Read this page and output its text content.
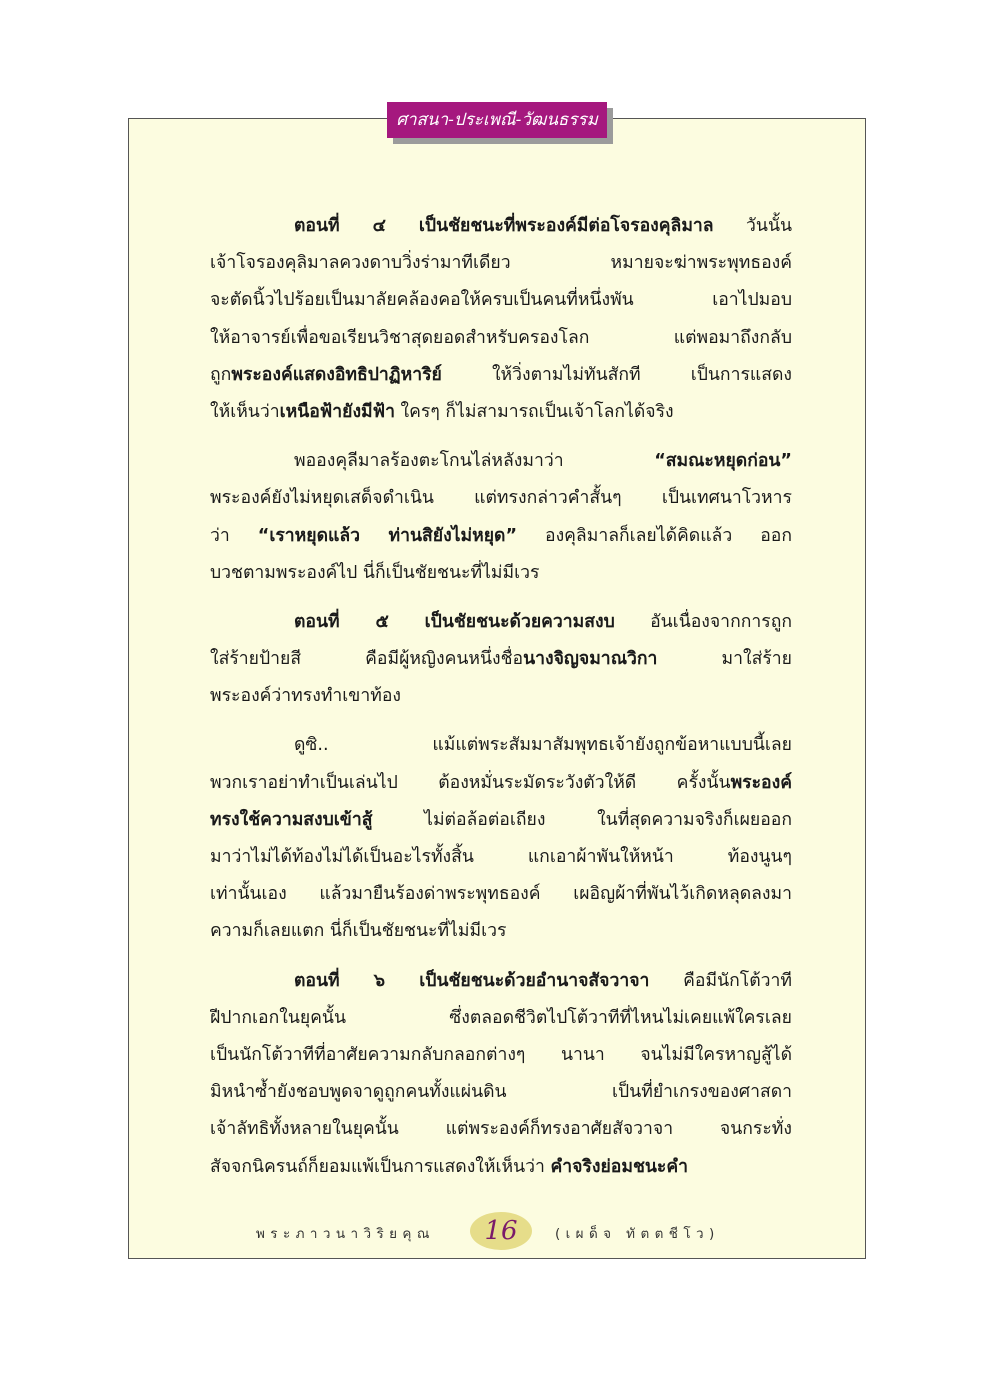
ศาสนา-ประเพณี-วัฒนธรรม
ตอนที่ ๔ เป็นชัยชนะที่พระองค์มีต่อโจรองคุลิมาล วันนั้น
เจ้าโจรองคุลิมาลควงดาบวิ่งร่ามาทีเดียว หมายจะฆ่าพระพุทธองค์
จะตัดนิ้วไปร้อยเป็นมาลัยคล้องคอให้ครบเป็นคนที่หนึ่งพัน เอาไปมอบ
ให้อาจารย์เพื่อขอเรียนวิชาสุดยอดสำหรับครองโลก แต่พอมาถึงกลับ
ถูกพระองค์แสดงอิทธิปาฏิหาริย์ ให้วิ่งตามไม่ทันสักที เป็นการแสดง
ให้เห็นว่าเหนือฟ้ายังมีฟ้า ใครๆ ก็ไม่สามารถเป็นเจ้าโลกได้จริง
พอองคุลีมาลร้องตะโกนไล่หลังมาว่า “สมณะหยุดก่อน”
พระองค์ยังไม่หยุดเสด็จดำเนิน แต่ทรงกล่าวคำสั้นๆ เป็นเทศนาโวหาร
ว่า “เราหยุดแล้ว ท่านสิยังไม่หยุด” องคุลิมาลก็เลยได้คิดแล้ว ออก
บวชตามพระองค์ไป นี่ก็เป็นชัยชนะที่ไม่มีเวร
ตอนที่ ๕ เป็นชัยชนะด้วยความสงบ อันเนื่องจากการถูก
ใส่ร้ายป้ายสี คือมีผู้หญิงคนหนึ่งชื่อนางจิญจมาณวิกา มาใส่ร้าย
พระองค์ว่าทรงทำเขาท้อง
ดูซิ.. แม้แต่พระสัมมาสัมพุทธเจ้ายังถูกข้อหาแบบนี้เลย
พวกเราอย่าทำเป็นเล่นไป ต้องหมั่นระมัดระวังตัวให้ดี ครั้งนั้นพระองค์
ทรงใช้ความสงบเข้าสู้ ไม่ต่อล้อต่อเถียง ในที่สุดความจริงก็เผยออก
มาว่าไม่ได้ท้องไม่ได้เป็นอะไรทั้งสิ้น แกเอาผ้าพันให้หน้า ท้องนูนๆ
เท่านั้นเอง แล้วมายืนร้องด่าพระพุทธองค์ เผอิญผ้าที่พันไว้เกิดหลุดลงมา
ความก็เลยแตก นี่ก็เป็นชัยชนะที่ไม่มีเวร
ตอนที่ ๖ เป็นชัยชนะด้วยอำนาจสัจวาจา คือมีนักโต้วาที
ฝีปากเอกในยุคนั้น ซึ่งตลอดชีวิตไปโต้วาทีที่ไหนไม่เคยแพ้ใครเลย
เป็นนักโต้วาทีที่อาศัยความกลับกลอกต่างๆ นานา จนไม่มีใครหาญสู้ได้
มิหนำซ้ำยังชอบพูดจาดูถูกคนทั้งแผ่นดิน เป็นที่ยำเกรงของศาสดา
เจ้าลัทธิทั้งหลายในยุคนั้น แต่พระองค์ก็ทรงอาศัยสัจวาจา จนกระทั่ง
สัจจกนิครนถ์ก็ยอมแพ้เป็นการแสดงให้เห็นว่า คำจริงย่อมชนะคำ
พระภาวนาวิริยคุณ	16	(เผด็จ ทัตตชีโว)
